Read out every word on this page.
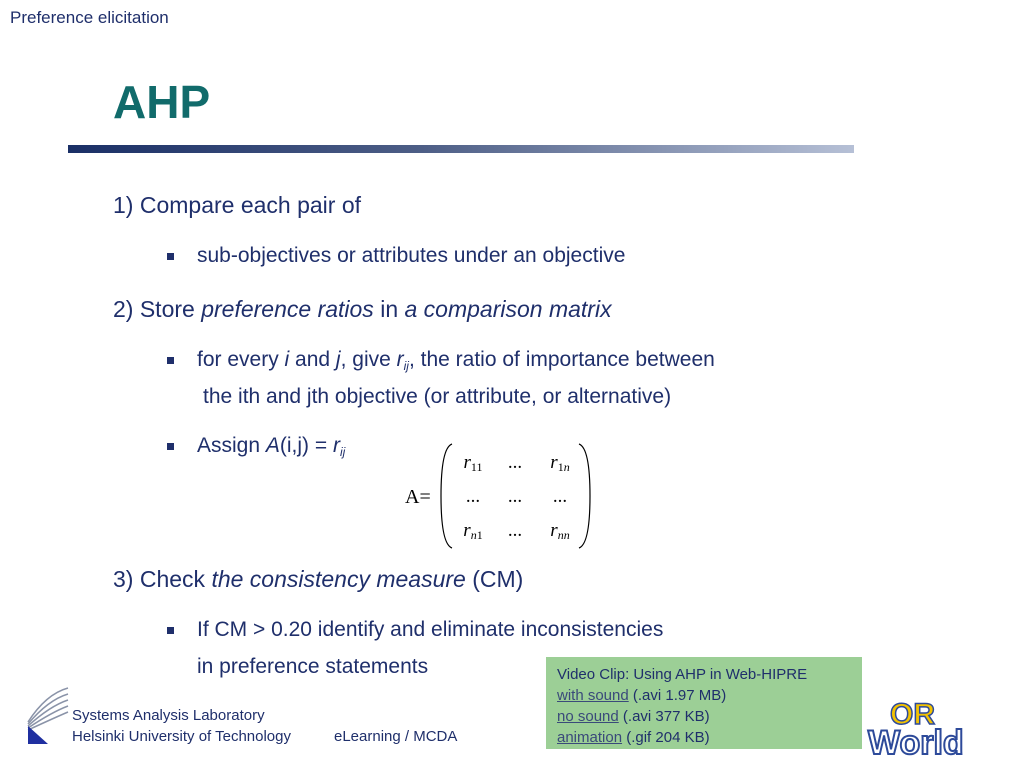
Preference elicitation
AHP
1) Compare each pair of
sub-objectives or attributes under an objective
2) Store preference ratios in a comparison matrix
for every i and j, give $r_{ij}$, the ratio of importance between
the ith and jth objective (or attribute, or alternative)
Assign $A(i,j) = r_{ij}$
A=
$r_{11}$	...	$r_{1n}$
...	...	...
$r_{n1}$	...	$r_{nn}$
3) Check the consistency measure (CM)
If CM > 0.20 identify and eliminate inconsistencies
in preference statements	Video Clip: Using AHP in Web-HIPRE
with sound (.avi 1.97 MB)
no sound (.avi 377 KB)
animation (.gif 204 KB)
Systems Analysis Laboratory
Helsinki University of Technology	eLearning / MCDA
OR
World
